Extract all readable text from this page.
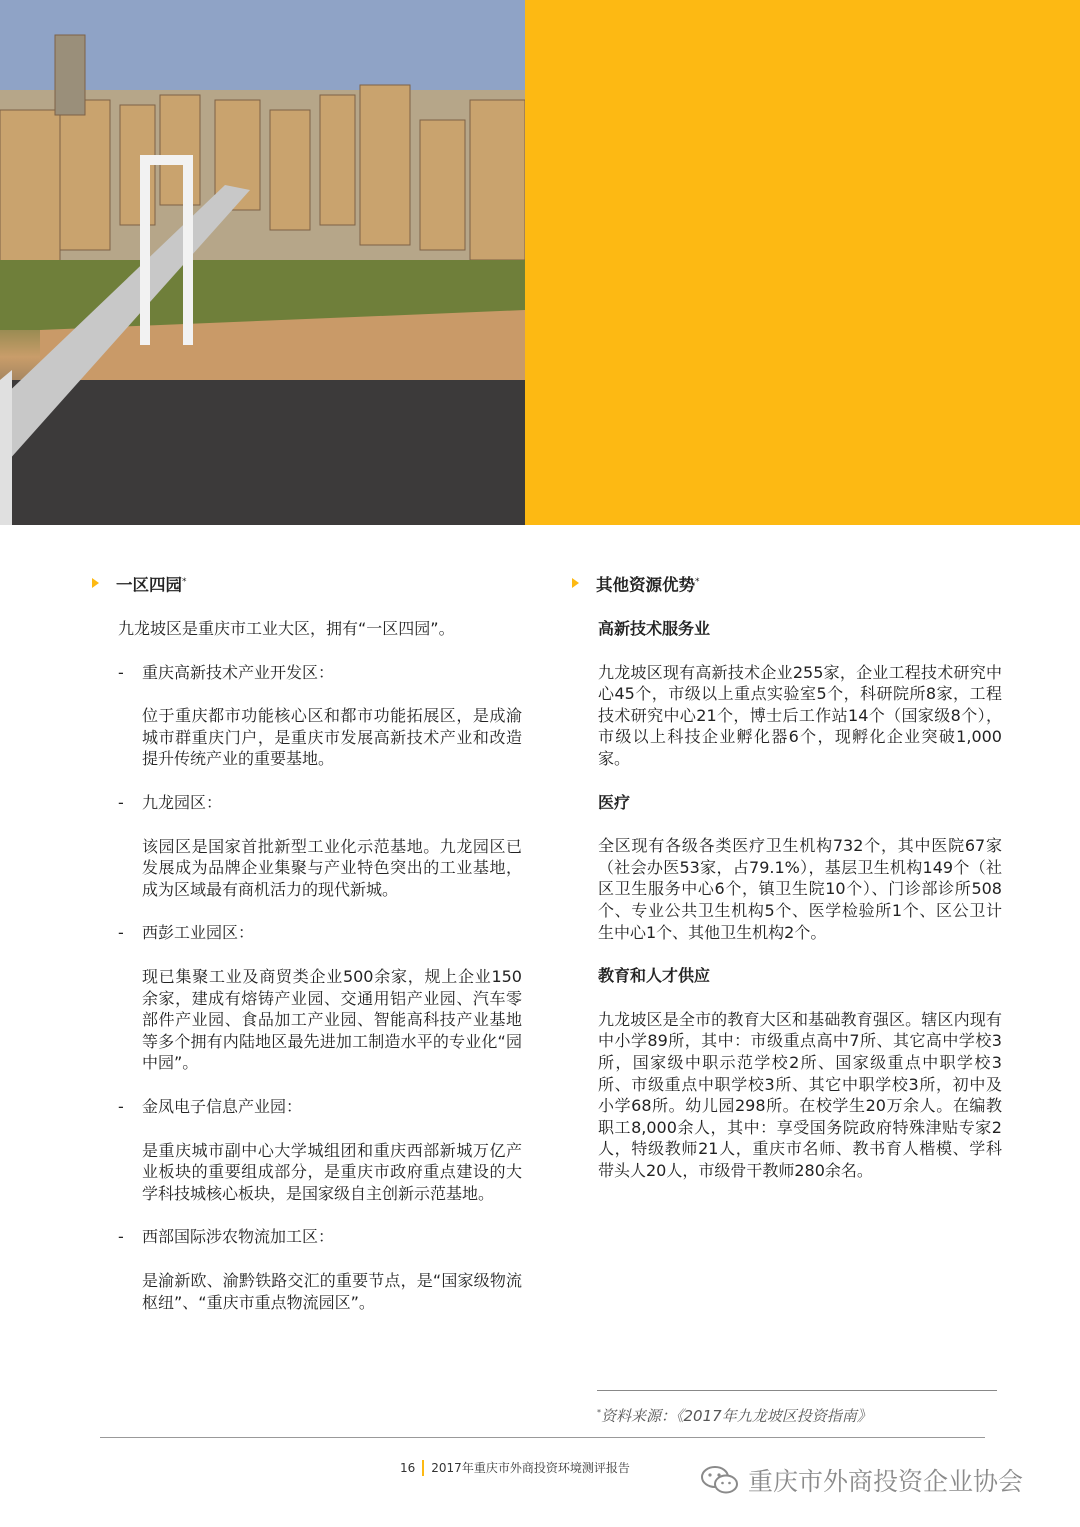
一区四园*

九龙坡区是重庆市工业大区，拥有“一区四园”。

- 重庆高新技术产业开发区：

位于重庆都市功能核心区和都市功能拓展区，是成渝城市群重庆门户，是重庆市发展高新技术产业和改造提升传统产业的重要基地。

- 九龙园区：

该园区是国家首批新型工业化示范基地。九龙园区已发展成为品牌企业集聚与产业特色突出的工业基地，成为区域最有商机活力的现代新城。

- 西彭工业园区：

现已集聚工业及商贸类企业500余家，规上企业150余家，建成有熔铸产业园、交通用铝产业园、汽车零部件产业园、食品加工产业园、智能高科技产业基地等多个拥有内陆地区最先进加工制造水平的专业化“园中园”。

- 金凤电子信息产业园：

是重庆城市副中心大学城组团和重庆西部新城万亿产业板块的重要组成部分，是重庆市政府重点建设的大学科技城核心板块，是国家级自主创新示范基地。

- 西部国际涉农物流加工区：

是渝新欧、渝黔铁路交汇的重要节点，是“国家级物流枢纽”、“重庆市重点物流园区”。

其他资源优势*
高新技术服务业

九龙坡区现有高新技术企业255家，企业工程技术研究中心45个，市级以上重点实验室5个，科研院所8家，工程技术研究中心21个，博士后工作站14个（国家级8个），市级以上科技企业孵化器6个，现孵化企业突破1,000家。

医疗

全区现有各级各类医疗卫生机构732个，其中医院67家（社会办医53家，占79.1%），基层卫生机构149个（社区卫生服务中心6个，镇卫生院10个）、门诊部诊所508个、专业公共卫生机构5个、医学检验所1个、区公卫计生中心1个、其他卫生机构2个。

教育和人才供应

九龙坡区是全市的教育大区和基础教育强区。辖区内现有中小学89所，其中：市级重点高中7所、其它高中学校3所，国家级中职示范学校2所、国家级重点中职学校3所、市级重点中职学校3所、其它中职学校3所，初中及小学68所。幼儿园298所。在校学生20万余人。在编教职工8,000余人，其中：享受国务院政府特殊津贴专家2人，特级教师21人，重庆市名师、教书育人楷模、学科带头人20人，市级骨干教师280余名。

*资料来源：《2017年九龙坡区投资指南》
16 2017年重庆市外商投资环境测评报告	重庆市外商投资企业协会
